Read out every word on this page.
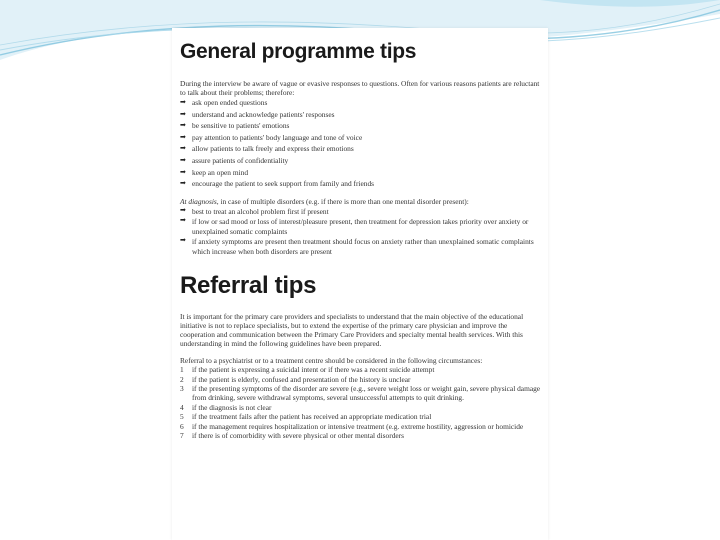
General programme tips

During the interview be aware of vague or evasive responses to questions. Often for various reasons patients are reluctant to talk about their problems; therefore:

➡ ask open ended questions
➡ understand and acknowledge patients' responses
➡ be sensitive to patients' emotions
➡ pay attention to patients' body language and tone of voice
➡ allow patients to talk freely and express their emotions
➡ assure patients of confidentiality
➡ keep an open mind
➡ encourage the patient to seek support from family and friends

At diagnosis, in case of multiple disorders (e.g. if there is more than one mental disorder present):

➡ best to treat an alcohol problem first if present
➡ if low or sad mood or loss of interest/pleasure present, then treatment for depression takes priority over anxiety or unexplained somatic complaints
➡ if anxiety symptoms are present then treatment should focus on anxiety rather than unexplained somatic complaints which increase when both disorders are present
Referral tips

It is important for the primary care providers and specialists to understand that the main objective of the educational initiative is not to replace specialists, but to extend the expertise of the primary care physician and improve the cooperation and communication between the Primary Care Providers and specialty mental health services. With this understanding in mind the following guidelines have been prepared.

Referral to a psychiatrist or to a treatment centre should be considered in the following circumstances:

1 if the patient is expressing a suicidal intent or if there was a recent suicide attempt
2 if the patient is elderly, confused and presentation of the history is unclear
3 if the presenting symptoms of the disorder are severe (e.g., severe weight loss or weight gain, severe physical damage from drinking, severe withdrawal symptoms, several unsuccessful attempts to quit drinking.
4 if the diagnosis is not clear
5 if the treatment fails after the patient has received an appropriate medication trial
6 if the management requires hospitalization or intensive treatment (e.g. extreme hostility, aggression or homicide
7 if there is of comorbidity with severe physical or other mental disorders
